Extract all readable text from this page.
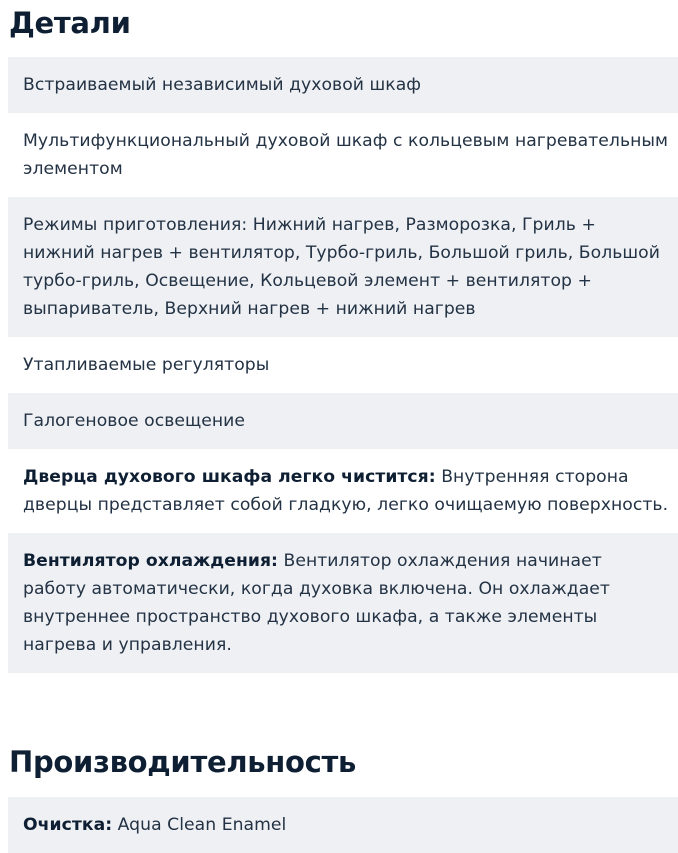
Детали
Встраиваемый независимый духовой шкаф
Мультифункциональный духовой шкаф с кольцевым нагревательным элементом
Режимы приготовления: Нижний нагрев, Разморозка, Гриль + нижний нагрев + вентилятор, Турбо-гриль, Большой гриль, Большой турбо-гриль, Освещение, Кольцевой элемент + вентилятор + выпариватель, Верхний нагрев + нижний нагрев
Утапливаемые регуляторы
Галогеновое освещение
Дверца духового шкафа легко чистится: Внутренняя сторона дверцы представляет собой гладкую, легко очищаемую поверхность.
Вентилятор охлаждения: Вентилятор охлаждения начинает работу автоматически, когда духовка включена. Он охлаждает внутреннее пространство духового шкафа, а также элементы нагрева и управления.
Производительность
Очистка: Aqua Clean Enamel
